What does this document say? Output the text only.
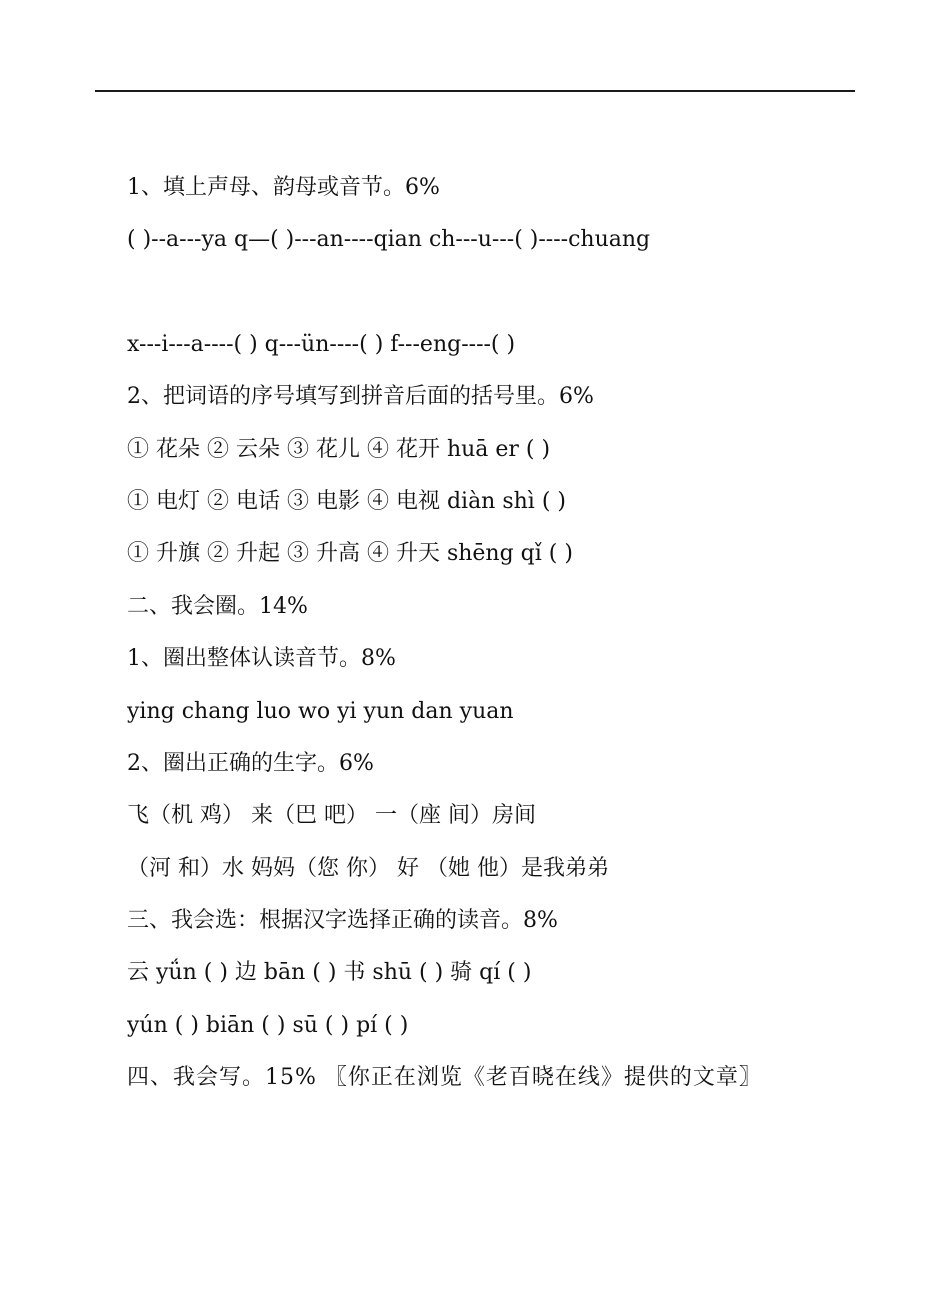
1、填上声母、韵母或音节。6%
( )--a---ya q—( )---an----qian ch---u---( )----chuang
x---i---a----( ) q---ün----( ) f---eng----( )
2、把词语的序号填写到拼音后面的括号里。6%
① 花朵 ② 云朵 ③ 花儿 ④ 花开 huā er ( )
① 电灯 ② 电话 ③ 电影 ④ 电视 diàn shì ( )
① 升旗 ② 升起 ③ 升高 ④ 升天 shēng qǐ ( )
二、我会圈。14%
1、圈出整体认读音节。8%
ying chang luo wo yi yun dan yuan
2、圈出正确的生字。6%
飞（机 鸡） 来（巴 吧） 一（座 间）房间
（河 和）水 妈妈（您 你） 好 （她 他）是我弟弟
三、我会选：根据汉字选择正确的读音。8%
云 yǘn ( ) 边 bān ( ) 书 shū ( ) 骑 qí ( )
yún ( ) biān ( ) sū ( ) pí ( )
四、我会写。15% 〖你正在浏览《老百晓在线》提供的文章〗
